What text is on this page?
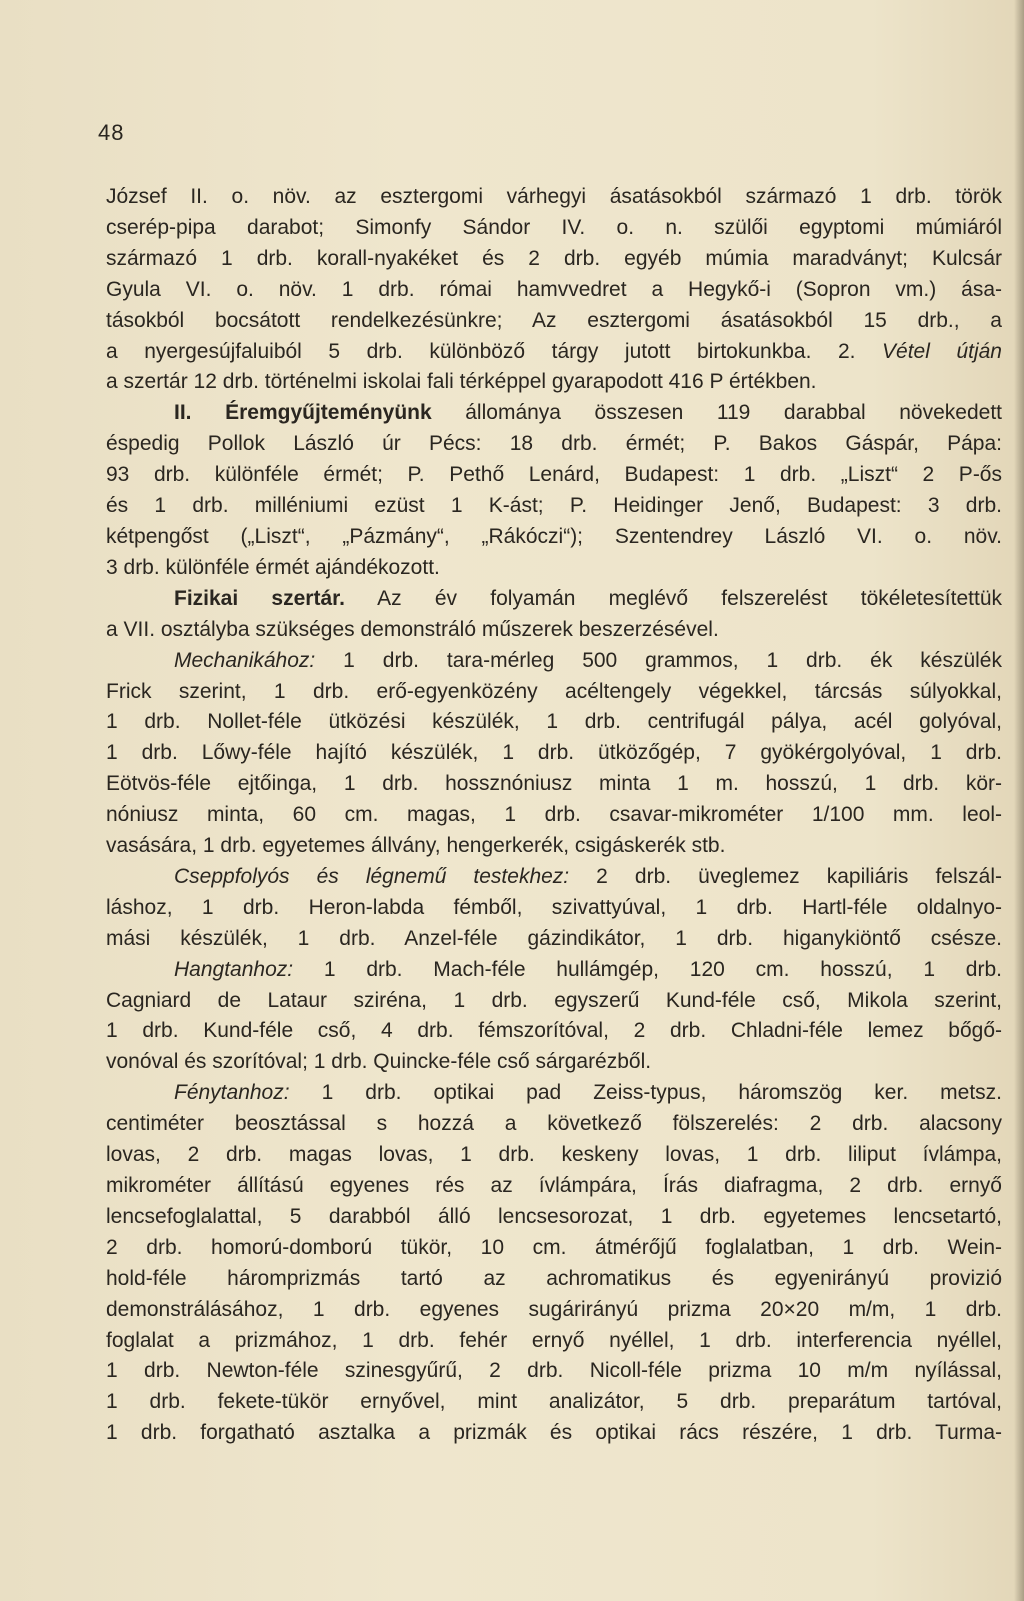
48
József II. o. növ. az esztergomi várhegyi ásatásokból származó 1 drb. török
cserép-pipa darabot; Simonfy Sándor IV. o. n. szülői egyptomi múmiáról
származó 1 drb. korall-nyakéket és 2 drb. egyéb múmia maradványt; Kulcsár
Gyula VI. o. növ. 1 drb. római hamvvedret a Hegykő-i (Sopron vm.) ása-
tásokból bocsátott rendelkezésünkre; Az esztergomi ásatásokból 15 drb., a
a nyergesújfaluiból 5 drb. különböző tárgy jutott birtokunkba. 2. Vétel útján
a szertár 12 drb. történelmi iskolai fali térképpel gyarapodott 416 P értékben.
II. Éremgyűjteményünk állománya összesen 119 darabbal növekedett
éspedig Pollok László úr Pécs: 18 drb. érmét; P. Bakos Gáspár, Pápa:
93 drb. különféle érmét; P. Pethő Lenárd, Budapest: 1 drb. „Liszt“ 2 P-ős
és 1 drb. milléniumi ezüst 1 K-ást; P. Heidinger Jenő, Budapest: 3 drb.
kétpengőst („Liszt“, „Pázmány“, „Rákóczi“); Szentendrey László VI. o. növ.
3 drb. különféle érmét ajándékozott.
Fizikai szertár. Az év folyamán meglévő felszerelést tökéletesítettük
a VII. osztályba szükséges demonstráló műszerek beszerzésével.
Mechanikához: 1 drb. tara-mérleg 500 grammos, 1 drb. ék készülék
Frick szerint, 1 drb. erő-egyenközény acéltengely végekkel, tárcsás súlyokkal,
1 drb. Nollet-féle ütközési készülék, 1 drb. centrifugál pálya, acél golyóval,
1 drb. Lőwy-féle hajító készülék, 1 drb. ütközőgép, 7 gyökérgolyóval, 1 drb.
Eötvös-féle ejtőinga, 1 drb. hossznóniusz minta 1 m. hosszú, 1 drb. kör-
nóniusz minta, 60 cm. magas, 1 drb. csavar-mikrométer 1/100 mm. leol-
vasására, 1 drb. egyetemes állvány, hengerkerék, csigáskerék stb.
Cseppfolyós és légnemű testekhez: 2 drb. üveglemez kapiliáris felszál-
láshoz, 1 drb. Heron-labda fémből, szivattyúval, 1 drb. Hartl-féle oldalnyo-
mási készülék, 1 drb. Anzel-féle gázindikátor, 1 drb. higanykiöntő csésze.
Hangtanhoz: 1 drb. Mach-féle hullámgép, 120 cm. hosszú, 1 drb.
Cagniard de Lataur sziréna, 1 drb. egyszerű Kund-féle cső, Mikola szerint,
1 drb. Kund-féle cső, 4 drb. fémszorítóval, 2 drb. Chladni-féle lemez bőgő-
vonóval és szorítóval; 1 drb. Quincke-féle cső sárgarézből.
Fénytanhoz: 1 drb. optikai pad Zeiss-typus, háromszög ker. metsz.
centiméter beosztással s hozzá a következő fölszerelés: 2 drb. alacsony
lovas, 2 drb. magas lovas, 1 drb. keskeny lovas, 1 drb. liliput ívlámpa,
mikrométer állítású egyenes rés az ívlámpára, Írás diafragma, 2 drb. ernyő
lencsefoglalattal, 5 darabból álló lencsesorozat, 1 drb. egyetemes lencsetartó,
2 drb. homorú-domború tükör, 10 cm. átmérőjű foglalatban, 1 drb. Wein-
hold-féle háromprizmás tartó az achromatikus és egyenirányú provizió
demonstrálásához, 1 drb. egyenes sugárirányú prizma 20×20 m/m, 1 drb.
foglalat a prizmához, 1 drb. fehér ernyő nyéllel, 1 drb. interferencia nyéllel,
1 drb. Newton-féle szinesgyűrű, 2 drb. Nicoll-féle prizma 10 m/m nyílással,
1 drb. fekete-tükör ernyővel, mint analizátor, 5 drb. preparátum tartóval,
1 drb. forgatható asztalka a prizmák és optikai rács részére, 1 drb. Turma-
